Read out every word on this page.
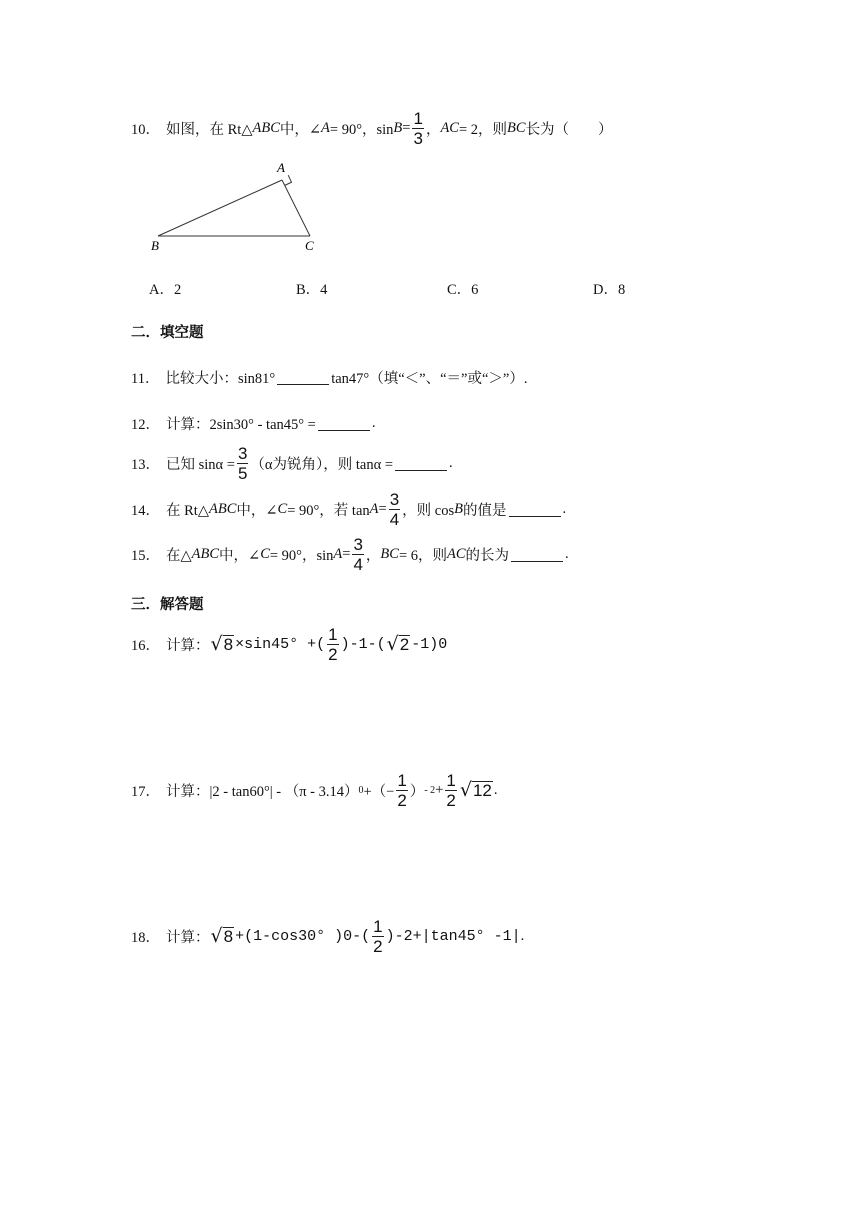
10． 如图，在 Rt△ ABC 中，∠ A = 90°，$\sin B = \frac{1}{3}$ ， AC = 2，则 BC 长为（　　）
A
B	C
A．2	B．4	C．6	D．8
二．填空题
11． 比较大小：sin81°	tan47°（填“＜”、“＝”或“＞”）.
12． 计算：2sin30° - tan45° =	.
13． 已知 $\sin\alpha = \frac{3}{5} (\alpha$为锐角），则 tanα =	.
14． 在 Rt△ ABC 中，∠ C = 90°，若 $\tan A = \frac{3}{4}$ ，则 cos B 的值是	.
15． 在△ ABC 中，∠ C = 90°，$\sin A = \frac{3}{4}$ ， BC = 6，则 AC 的长为	.
三．解答题
16． 计算： √ 8 ×sin45° +( $\frac{1}{2}$ ) -1 -( √ 2 -1) 0
17． 计算：|2 - tan60°| - （π - 3.14） 0 +（− $\frac{1}{2}$ ） - $2 + \frac{1}{2}$ √ 12 .
18． 计算： √ 8 +(1-cos30° ) 0 -( $\frac{1}{2}$ ) -2 +|tan45° -1| .
